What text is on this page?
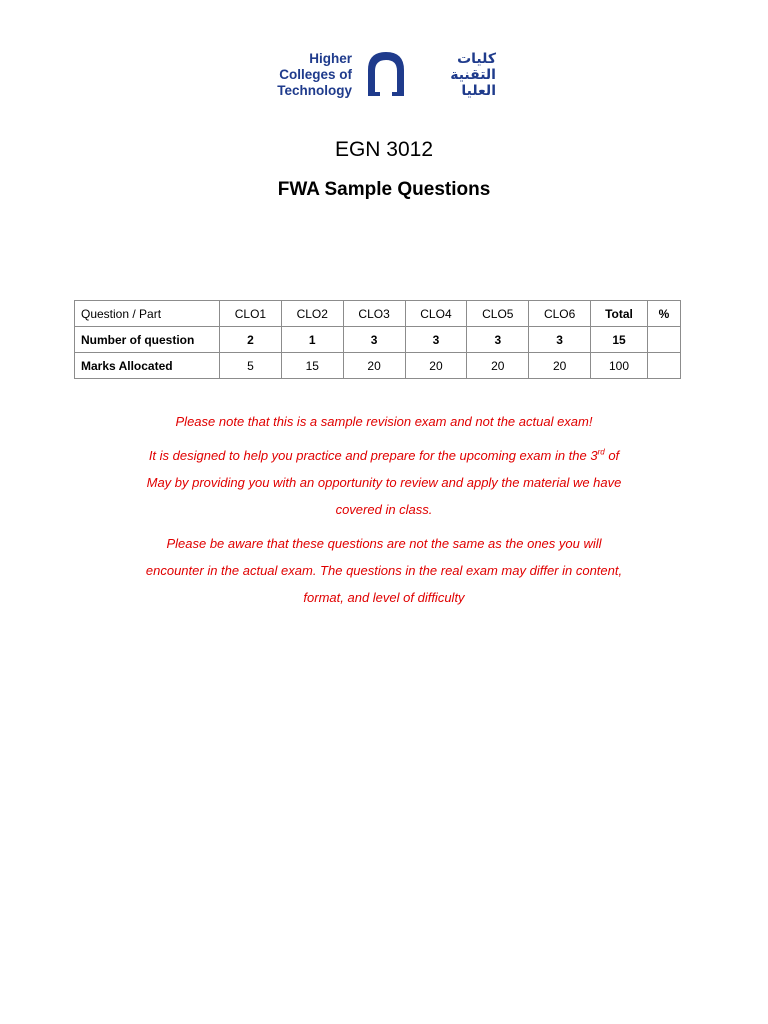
Higher
Colleges of
Technology
كليات
التقنية
العليا
EGN 3012
FWA Sample Questions
Question / Part	CLO1	CLO2	CLO3	CLO4	CLO5	CLO6	Total	%
Number of question	2	1	3	3	3	3	15	
Marks Allocated	5	15	20	20	20	20	100	

Please note that this is a sample revision exam and not the actual exam!

It is designed to help you practice and prepare for the upcoming exam in the 3rd of

May by providing you with an opportunity to review and apply the material we have

covered in class.

Please be aware that these questions are not the same as the ones you will

encounter in the actual exam. The questions in the real exam may differ in content,

format, and level of difficulty
